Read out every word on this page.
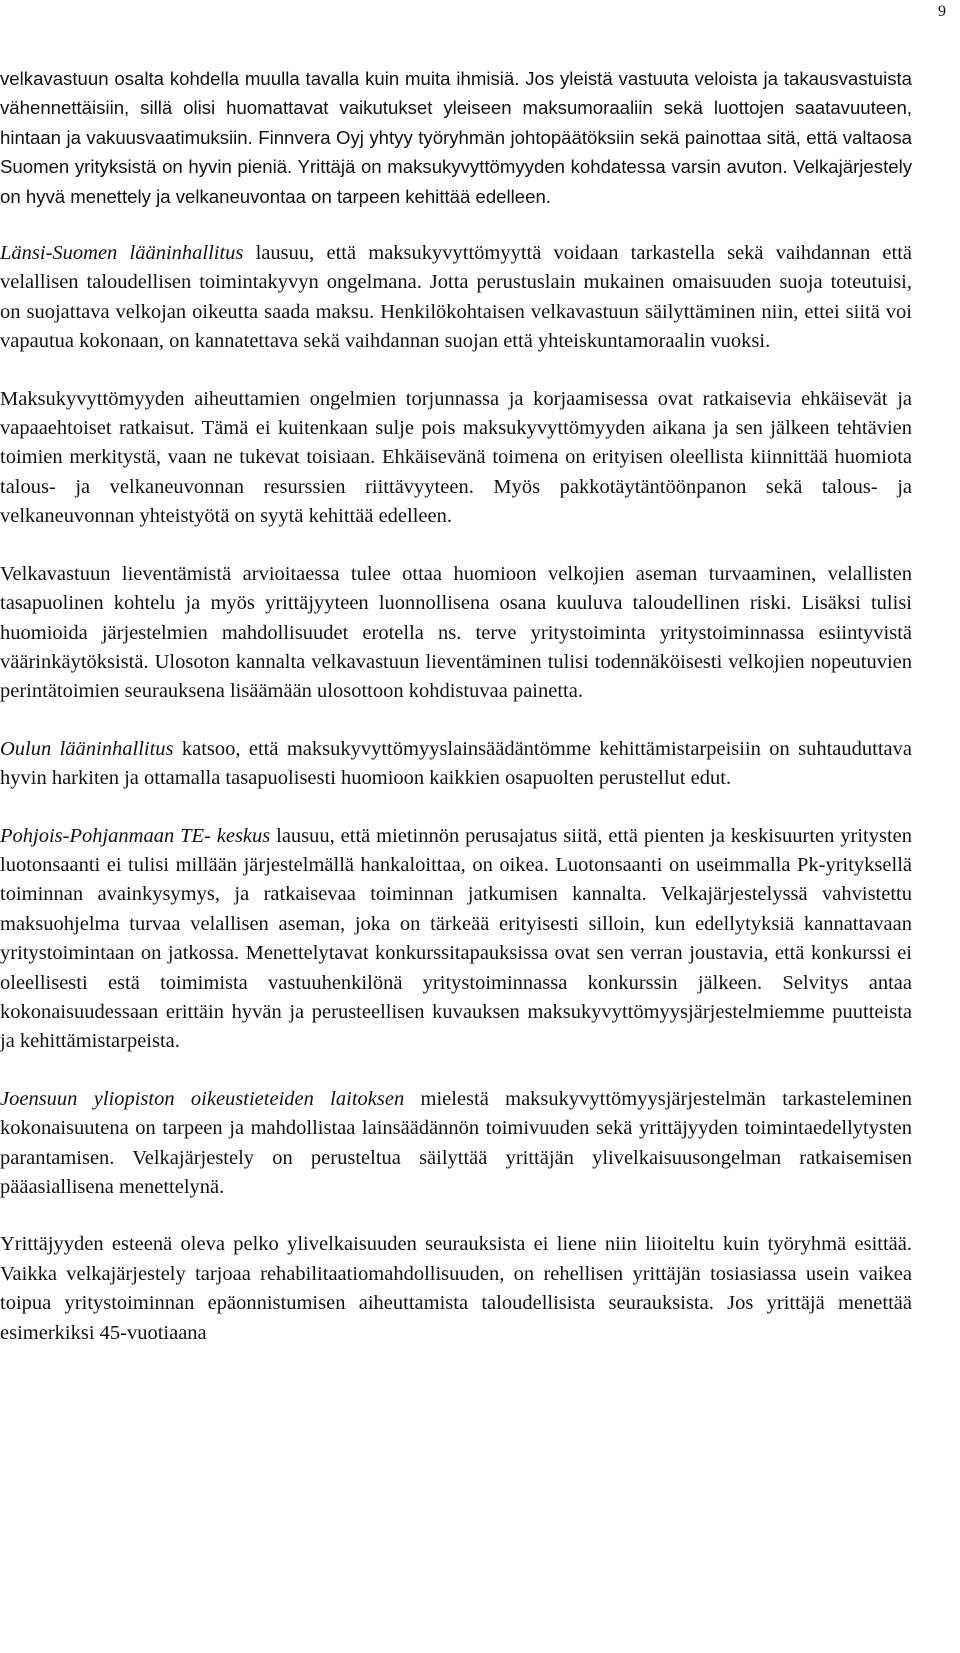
9

velkavastuun osalta kohdella muulla tavalla kuin muita ihmisiä. Jos yleistä vastuuta veloista ja takausvastuista vähennettäisiin, sillä olisi huomattavat vaikutukset yleiseen maksumoraaliin sekä luottojen saatavuuteen, hintaan ja vakuusvaatimuksiin. Finnvera Oyj yhtyy työryhmän johtopäätöksiin sekä painottaa sitä, että valtaosa Suomen yrityksistä on hyvin pieniä. Yrittäjä on maksukyvyttömyyden kohdatessa varsin avuton. Velkajärjestely on hyvä menettely ja velkaneuvontaa on tarpeen kehittää edelleen.

Länsi-Suomen lääninhallitus lausuu, että maksukyvyttömyyttä voidaan tarkastella sekä vaihdannan että velallisen taloudellisen toimintakyvyn ongelmana. Jotta perustuslain mukainen omaisuuden suoja toteutuisi, on suojattava velkojan oikeutta saada maksu. Henkilökohtaisen velkavastuun säilyttäminen niin, ettei siitä voi vapautua kokonaan, on kannatettava sekä vaihdannan suojan että yhteiskuntamoraalin vuoksi.

Maksukyvyttömyyden aiheuttamien ongelmien torjunnassa ja korjaamisessa ovat ratkaisevia ehkäisevät ja vapaaehtoiset ratkaisut. Tämä ei kuitenkaan sulje pois maksukyvyttömyyden aikana ja sen jälkeen tehtävien toimien merkitystä, vaan ne tukevat toisiaan. Ehkäisevänä toimena on erityisen oleellista kiinnittää huomiota talous- ja velkaneuvonnan resurssien riittävyyteen. Myös pakkotäytäntöönpanon sekä talous- ja velkaneuvonnan yhteistyötä on syytä kehittää edelleen.

Velkavastuun lieventämistä arvioitaessa tulee ottaa huomioon velkojien aseman turvaaminen, velallisten tasapuolinen kohtelu ja myös yrittäjyyteen luonnollisena osana kuuluva taloudellinen riski. Lisäksi tulisi huomioida järjestelmien mahdollisuudet erotella ns. terve yritystoiminta yritystoiminnassa esiintyvistä väärinkäytöksistä. Ulosoton kannalta velkavastuun lieventäminen tulisi todennäköisesti velkojien nopeutuvien perintätoimien seurauksena lisäämään ulosottoon kohdistuvaa painetta.

Oulun lääninhallitus katsoo, että maksukyvyttömyyslainsäädäntömme kehittämistarpeisiin on suhtauduttava hyvin harkiten ja ottamalla tasapuolisesti huomioon kaikkien osapuolten perustellut edut.

Pohjois-Pohjanmaan TE- keskus lausuu, että mietinnön perusajatus siitä, että pienten ja keskisuurten yritysten luotonsaanti ei tulisi millään järjestelmällä hankaloittaa, on oikea. Luotonsaanti on useimmalla Pk-yrityksellä toiminnan avainkysymys, ja ratkaisevaa toiminnan jatkumisen kannalta. Velkajärjestelyssä vahvistettu maksuohjelma turvaa velallisen aseman, joka on tärkeää erityisesti silloin, kun edellytyksiä kannattavaan yritystoimintaan on jatkossa. Menettelytavat konkurssitapauksissa ovat sen verran joustavia, että konkurssi ei oleellisesti estä toimimista vastuuhenkilönä yritystoiminnassa konkurssin jälkeen. Selvitys antaa kokonaisuudessaan erittäin hyvän ja perusteellisen kuvauksen maksukyvyttömyysjärjestelmiemme puutteista ja kehittämistarpeista.

Joensuun yliopiston oikeustieteiden laitoksen mielestä maksukyvyttömyysjärjestelmän tarkasteleminen kokonaisuutena on tarpeen ja mahdollistaa lainsäädännön toimivuuden sekä yrittäjyyden toimintaedellytysten parantamisen. Velkajärjestely on perusteltua säilyttää yrittäjän ylivelkaisuusongelman ratkaisemisen pääasiallisena menettelynä.

Yrittäjyyden esteenä oleva pelko ylivelkaisuuden seurauksista ei liene niin liioiteltu kuin työryhmä esittää. Vaikka velkajärjestely tarjoaa rehabilitaatiomahdollisuuden, on rehellisen yrittäjän tosiasiassa usein vaikea toipua yritystoiminnan epäonnistumisen aiheuttamista taloudellisista seurauksista. Jos yrittäjä menettää esimerkiksi 45-vuotiaana
